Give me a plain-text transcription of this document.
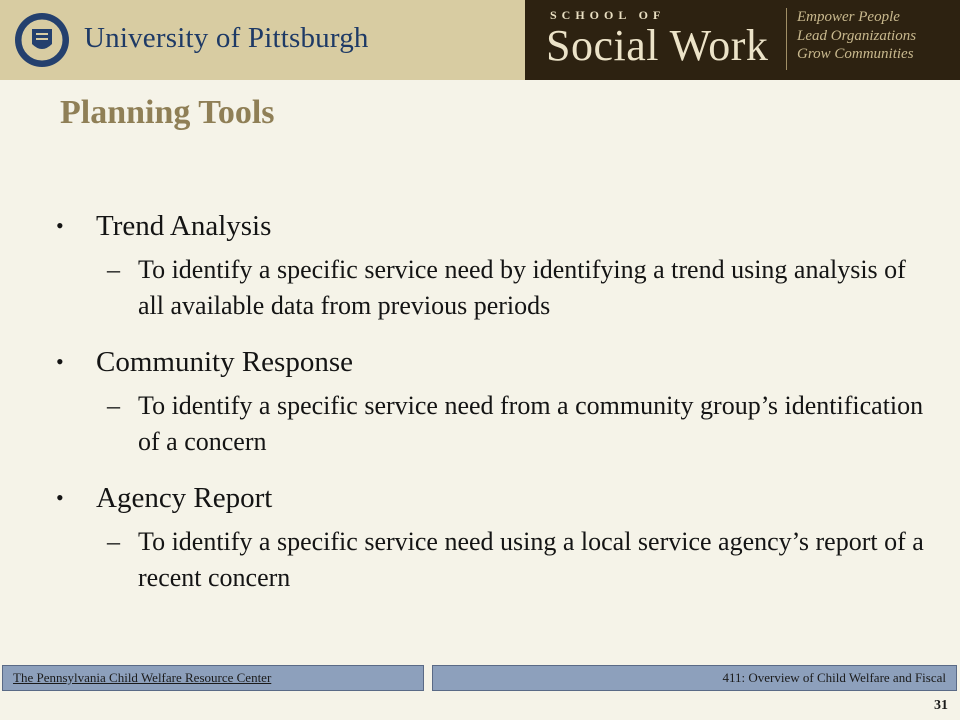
University of Pittsburgh
SCHOOL OF
Social Work
Empower People
Lead Organizations
Grow Communities
Planning Tools
• Trend Analysis
– To identify a specific service need by identifying a trend using analysis of all available data from previous periods
• Community Response
– To identify a specific service need from a community group’s identification of a concern
• Agency Report
– To identify a specific service need using a local service agency’s report of a recent concern
The Pennsylvania Child Welfare Resource Center	411: Overview of Child Welfare and Fiscal
31
